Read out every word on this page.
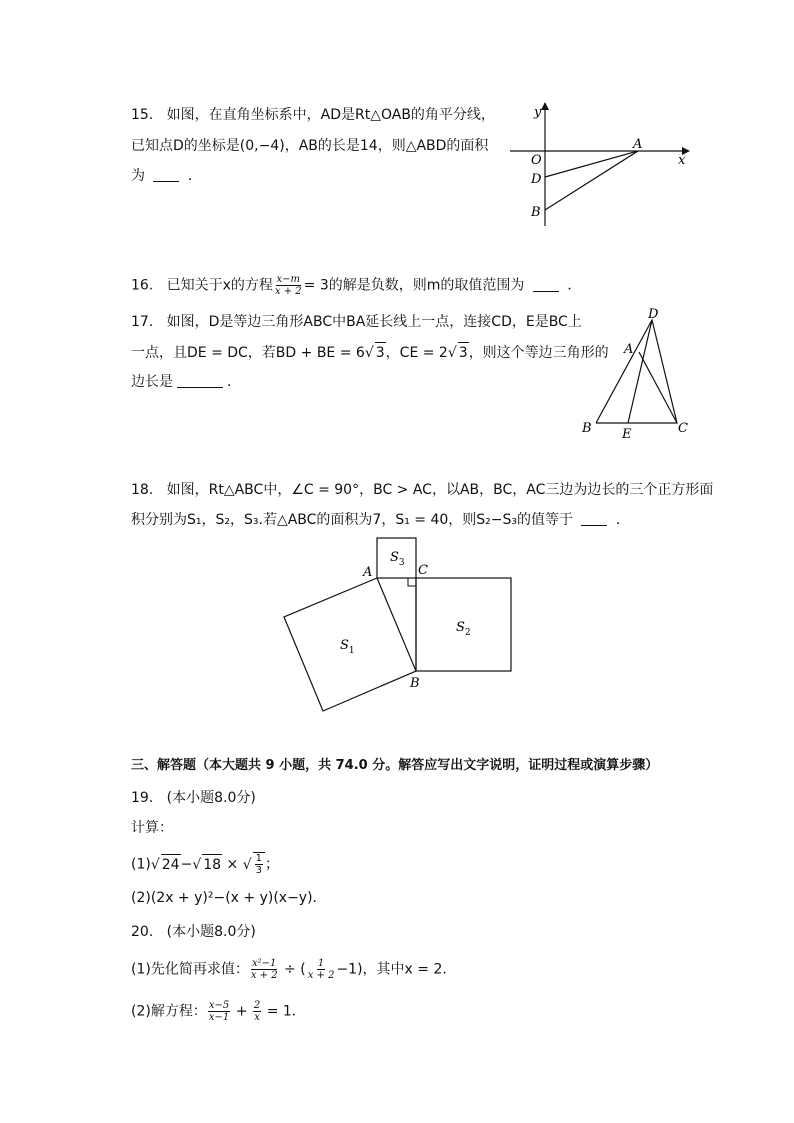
15. 如图，在直角坐标系中，AD是Rt△OAB的角平分线，
已知点D的坐标是(0,−4)，AB的长是14，则△ABD的面积
为	．
y
x
O
A
D
B
16. 已知关于x的方程 $\frac{x-m}{x + 2} = 3$的解是负数，则m的取值范围为	．
17. 如图，D是等边三角形ABC中BA延长线上一点，连接CD，E是BC上
一点，且DE = DC，若BD + BE = 6√ 3，CE = 2√ 3，则这个等边三角形的
边长是	．
D
A
B E	C
18. 如图，Rt△ABC中，∠C = 90°，BC > AC，以AB，BC，AC三边为边长的三个正方形面
积分别为S₁，S₂，S₃.若△ABC的面积为7，S₁ = 40，则S₂−S₃的值等于	．
A	C
B
$S_3$
$S_2$
$S_1$
三、解答题（本大题共 9 小题，共 74.0 分。解答应写出文字说明，证明过程或演算步骤）
19. (本小题8.0分)
计算：
(1)√ 24−√ 18 × √ $\frac{1}{3}$ ；
(2)(2x + y)²−(x + y)(x−y)．
20. (本小题8.0分)
(1)先化简再求值： $\frac{\text{x²−1}}{x + 2}$ ÷ ( $\frac{1}{x + 2} -1$)，其中x = 2．
(2)解方程： $\frac{x-5}{x-1} + \frac{2}{x} = 1$．
